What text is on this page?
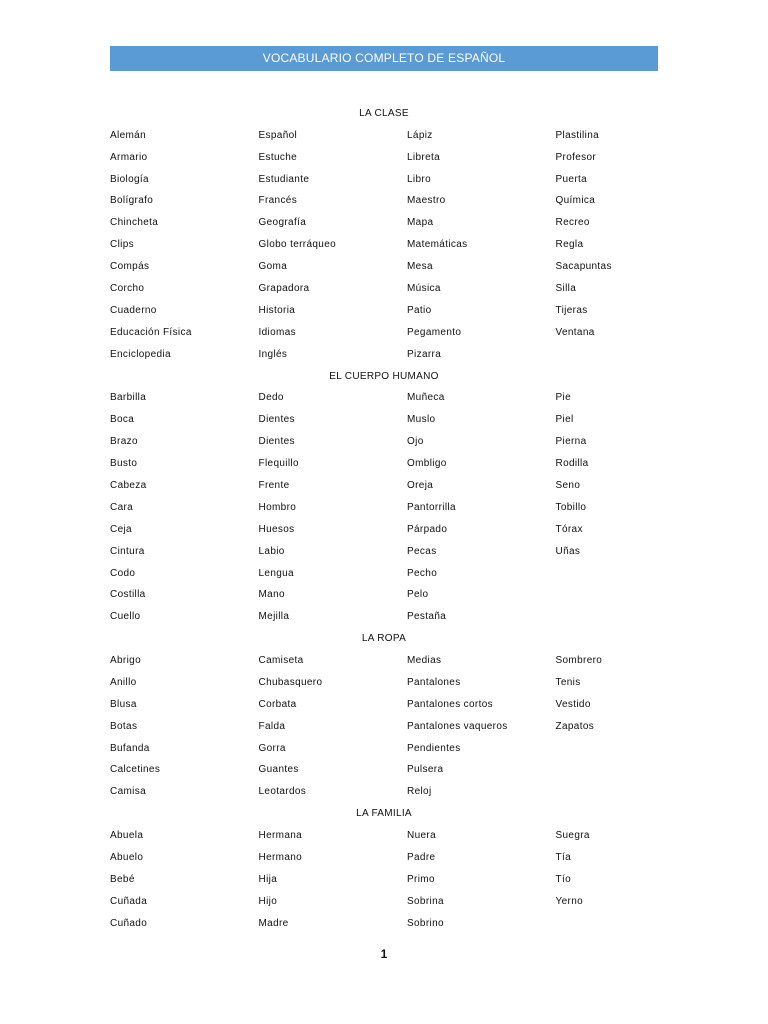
VOCABULARIO COMPLETO DE ESPAÑOL
LA CLASE
Alemán	Español	Lápiz	Plastilina
Armario	Estuche	Libreta	Profesor
Biología	Estudiante	Libro	Puerta
Bolígrafo	Francés	Maestro	Química
Chincheta	Geografía	Mapa	Recreo
Clips	Globo terráqueo	Matemáticas	Regla
Compás	Goma	Mesa	Sacapuntas
Corcho	Grapadora	Música	Silla
Cuaderno	Historia	Patio	Tijeras
Educación Física	Idiomas	Pegamento	Ventana
Enciclopedia	Inglés	Pizarra
EL CUERPO HUMANO
Barbilla	Dedo	Muñeca	Pie
Boca	Dientes	Muslo	Piel
Brazo	Dientes	Ojo	Pierna
Busto	Flequillo	Ombligo	Rodilla
Cabeza	Frente	Oreja	Seno
Cara	Hombro	Pantorrilla	Tobillo
Ceja	Huesos	Párpado	Tórax
Cintura	Labio	Pecas	Uñas
Codo	Lengua	Pecho
Costilla	Mano	Pelo
Cuello	Mejilla	Pestaña
LA ROPA
Abrigo	Camiseta	Medias	Sombrero
Anillo	Chubasquero	Pantalones	Tenis
Blusa	Corbata	Pantalones cortos	Vestido
Botas	Falda	Pantalones vaqueros	Zapatos
Bufanda	Gorra	Pendientes
Calcetines	Guantes	Pulsera
Camisa	Leotardos	Reloj
LA FAMILIA
Abuela	Hermana	Nuera	Suegra
Abuelo	Hermano	Padre	Tía
Bebé	Hija	Primo	Tío
Cuñada	Hijo	Sobrina	Yerno
Cuñado	Madre	Sobrino
1
